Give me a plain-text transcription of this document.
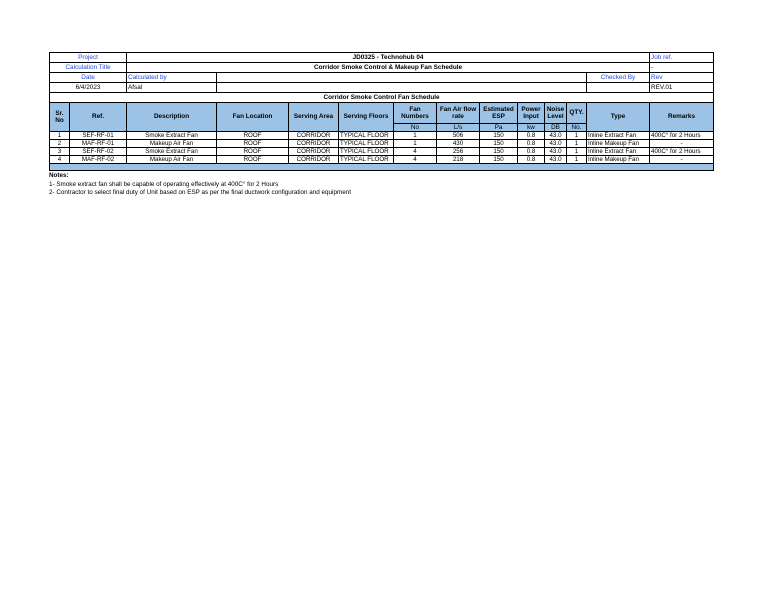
Project		JD0325 - Technohub 04											Job ref.
Calculation Title		Corridor Smoke Control & Makeup Fan Schedule											-
Date		Calculated by										Checked By	Rev
6/4/2023		Afsal											REV.01
Corridor Smoke Control Fan Schedule													
Sr. No	Ref.	Description	Fan Location	Serving Area	Serving Floors	Fan Numbers	Fan Air flow rate	Estimated ESP	Power Input	Noise Level	QTY.	Type	Remarks
						No	L/s	Pa	kw	DB	No.		
1	SEF-RF-01	Smoke Extract Fan	ROOF	CORRIDOR	TYPICAL FLOOR	1	506	150	0.8	43.0	1	Inline Extract Fan	400C° for 2 Hours
2	MAF-RF-01	Makeup Air Fan	ROOF	CORRIDOR	TYPICAL FLOOR	1	430	150	0.8	43.0	1	Inline Makeup Fan	-
3	SEF-RF-02	Smoke Extract Fan	ROOF	CORRIDOR	TYPICAL FLOOR	4	256	150	0.8	43.0	1	Inline Extract Fan	400C° for 2 Hours
4	MAF-RF-02	Makeup Air Fan	ROOF	CORRIDOR	TYPICAL FLOOR	4	218	150	0.8	43.0	1	Inline Makeup Fan	-

Notes:
1- Smoke extract fan shall be capable of operating effectively at 400C° for 2 Hours
2- Contractor to select final duty of Unit based on ESP as per the final ductwork configuration and equipment
